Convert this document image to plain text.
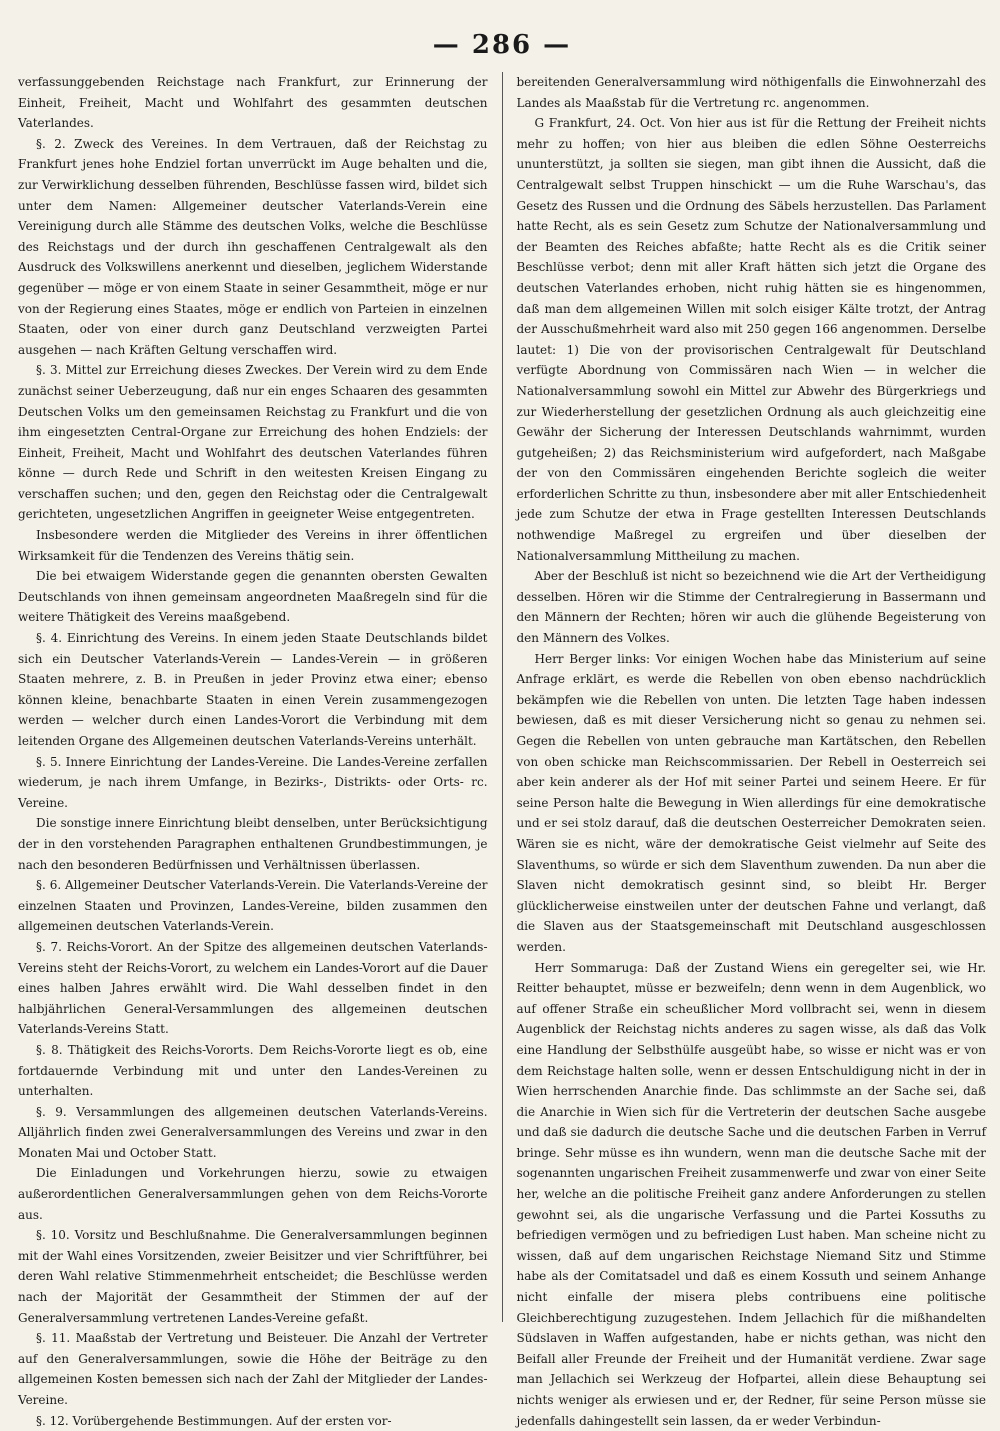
— 286 —

verfassunggebenden Reichstage nach Frankfurt, zur Erinnerung der Einheit, Freiheit, Macht und Wohlfahrt des gesammten deutschen Vaterlandes.

§. 2. Zweck des Vereines. In dem Vertrauen, daß der Reichstag zu Frankfurt jenes hohe Endziel fortan unverrückt im Auge behalten und die, zur Verwirklichung desselben führenden, Beschlüsse fassen wird, bildet sich unter dem Namen: Allgemeiner deutscher Vaterlands-Verein eine Vereinigung durch alle Stämme des deutschen Volks, welche die Beschlüsse des Reichstags und der durch ihn geschaffenen Centralgewalt als den Ausdruck des Volkswillens anerkennt und dieselben, jeglichem Widerstande gegenüber — möge er von einem Staate in seiner Gesammtheit, möge er nur von der Regierung eines Staates, möge er endlich von Parteien in einzelnen Staaten, oder von einer durch ganz Deutschland verzweigten Partei ausgehen — nach Kräften Geltung verschaffen wird.

§. 3. Mittel zur Erreichung dieses Zweckes. Der Verein wird zu dem Ende zunächst seiner Ueberzeugung, daß nur ein enges Schaaren des gesammten Deutschen Volks um den gemeinsamen Reichstag zu Frankfurt und die von ihm eingesetzten Central-Organe zur Erreichung des hohen Endziels: der Einheit, Freiheit, Macht und Wohlfahrt des deutschen Vaterlandes führen könne — durch Rede und Schrift in den weitesten Kreisen Eingang zu verschaffen suchen; und den, gegen den Reichstag oder die Centralgewalt gerichteten, ungesetzlichen Angriffen in geeigneter Weise entgegentreten.

Insbesondere werden die Mitglieder des Vereins in ihrer öffentlichen Wirksamkeit für die Tendenzen des Vereins thätig sein.

Die bei etwaigem Widerstande gegen die genannten obersten Gewalten Deutschlands von ihnen gemeinsam angeordneten Maaßregeln sind für die weitere Thätigkeit des Vereins maaßgebend.

§. 4. Einrichtung des Vereins. In einem jeden Staate Deutschlands bildet sich ein Deutscher Vaterlands-Verein — Landes-Verein — in größeren Staaten mehrere, z. B. in Preußen in jeder Provinz etwa einer; ebenso können kleine, benachbarte Staaten in einen Verein zusammengezogen werden — welcher durch einen Landes-Vorort die Verbindung mit dem leitenden Organe des Allgemeinen deutschen Vaterlands-Vereins unterhält.

§. 5. Innere Einrichtung der Landes-Vereine. Die Landes-Vereine zerfallen wiederum, je nach ihrem Umfange, in Bezirks-, Distrikts- oder Orts- rc. Vereine.

Die sonstige innere Einrichtung bleibt denselben, unter Berücksichtigung der in den vorstehenden Paragraphen enthaltenen Grundbestimmungen, je nach den besonderen Bedürfnissen und Verhältnissen überlassen.

§. 6. Allgemeiner Deutscher Vaterlands-Verein. Die Vaterlands-Vereine der einzelnen Staaten und Provinzen, Landes-Vereine, bilden zusammen den allgemeinen deutschen Vaterlands-Verein.

§. 7. Reichs-Vorort. An der Spitze des allgemeinen deutschen Vaterlands-Vereins steht der Reichs-Vorort, zu welchem ein Landes-Vorort auf die Dauer eines halben Jahres erwählt wird. Die Wahl desselben findet in den halbjährlichen General-Versammlungen des allgemeinen deutschen Vaterlands-Vereins Statt.

§. 8. Thätigkeit des Reichs-Vororts. Dem Reichs-Vororte liegt es ob, eine fortdauernde Verbindung mit und unter den Landes-Vereinen zu unterhalten.

§. 9. Versammlungen des allgemeinen deutschen Vaterlands-Vereins. Alljährlich finden zwei Generalversammlungen des Vereins und zwar in den Monaten Mai und October Statt.

Die Einladungen und Vorkehrungen hierzu, sowie zu etwaigen außerordentlichen Generalversammlungen gehen von dem Reichs-Vororte aus.

§. 10. Vorsitz und Beschlußnahme. Die Generalversammlungen beginnen mit der Wahl eines Vorsitzenden, zweier Beisitzer und vier Schriftführer, bei deren Wahl relative Stimmenmehrheit entscheidet; die Beschlüsse werden nach der Majorität der Gesammtheit der Stimmen der auf der Generalversammlung vertretenen Landes-Vereine gefaßt.

§. 11. Maaßstab der Vertretung und Beisteuer. Die Anzahl der Vertreter auf den Generalversammlungen, sowie die Höhe der Beiträge zu den allgemeinen Kosten bemessen sich nach der Zahl der Mitglieder der Landes-Vereine.

§. 12. Vorübergehende Bestimmungen. Auf der ersten vor-

bereitenden Generalversammlung wird nöthigenfalls die Einwohnerzahl des Landes als Maaßstab für die Vertretung rc. angenommen.

G Frankfurt, 24. Oct. Von hier aus ist für die Rettung der Freiheit nichts mehr zu hoffen; von hier aus bleiben die edlen Söhne Oesterreichs ununterstützt, ja sollten sie siegen, man gibt ihnen die Aussicht, daß die Centralgewalt selbst Truppen hinschickt — um die Ruhe Warschau's, das Gesetz des Russen und die Ordnung des Säbels herzustellen. Das Parlament hatte Recht, als es sein Gesetz zum Schutze der Nationalversammlung und der Beamten des Reiches abfaßte; hatte Recht als es die Critik seiner Beschlüsse verbot; denn mit aller Kraft hätten sich jetzt die Organe des deutschen Vaterlandes erhoben, nicht ruhig hätten sie es hingenommen, daß man dem allgemeinen Willen mit solch eisiger Kälte trotzt, der Antrag der Ausschußmehrheit ward also mit 250 gegen 166 angenommen. Derselbe lautet: 1) Die von der provisorischen Centralgewalt für Deutschland verfügte Abordnung von Commissären nach Wien — in welcher die Nationalversammlung sowohl ein Mittel zur Abwehr des Bürgerkriegs und zur Wiederherstellung der gesetzlichen Ordnung als auch gleichzeitig eine Gewähr der Sicherung der Interessen Deutschlands wahrnimmt, wurden gutgeheißen; 2) das Reichsministerium wird aufgefordert, nach Maßgabe der von den Commissären eingehenden Berichte sogleich die weiter erforderlichen Schritte zu thun, insbesondere aber mit aller Entschiedenheit jede zum Schutze der etwa in Frage gestellten Interessen Deutschlands nothwendige Maßregel zu ergreifen und über dieselben der Nationalversammlung Mittheilung zu machen.

Aber der Beschluß ist nicht so bezeichnend wie die Art der Vertheidigung desselben. Hören wir die Stimme der Centralregierung in Bassermann und den Männern der Rechten; hören wir auch die glühende Begeisterung von den Männern des Volkes.

Herr Berger links: Vor einigen Wochen habe das Ministerium auf seine Anfrage erklärt, es werde die Rebellen von oben ebenso nachdrücklich bekämpfen wie die Rebellen von unten. Die letzten Tage haben indessen bewiesen, daß es mit dieser Versicherung nicht so genau zu nehmen sei. Gegen die Rebellen von unten gebrauche man Kartätschen, den Rebellen von oben schicke man Reichscommissarien. Der Rebell in Oesterreich sei aber kein anderer als der Hof mit seiner Partei und seinem Heere. Er für seine Person halte die Bewegung in Wien allerdings für eine demokratische und er sei stolz darauf, daß die deutschen Oesterreicher Demokraten seien. Wären sie es nicht, wäre der demokratische Geist vielmehr auf Seite des Slaventhums, so würde er sich dem Slaventhum zuwenden. Da nun aber die Slaven nicht demokratisch gesinnt sind, so bleibt Hr. Berger glücklicherweise einstweilen unter der deutschen Fahne und verlangt, daß die Slaven aus der Staatsgemeinschaft mit Deutschland ausgeschlossen werden.

Herr Sommaruga: Daß der Zustand Wiens ein geregelter sei, wie Hr. Reitter behauptet, müsse er bezweifeln; denn wenn in dem Augenblick, wo auf offener Straße ein scheußlicher Mord vollbracht sei, wenn in diesem Augenblick der Reichstag nichts anderes zu sagen wisse, als daß das Volk eine Handlung der Selbsthülfe ausgeübt habe, so wisse er nicht was er von dem Reichstage halten solle, wenn er dessen Entschuldigung nicht in der in Wien herrschenden Anarchie finde. Das schlimmste an der Sache sei, daß die Anarchie in Wien sich für die Vertreterin der deutschen Sache ausgebe und daß sie dadurch die deutsche Sache und die deutschen Farben in Verruf bringe. Sehr müsse es ihn wundern, wenn man die deutsche Sache mit der sogenannten ungarischen Freiheit zusammenwerfe und zwar von einer Seite her, welche an die politische Freiheit ganz andere Anforderungen zu stellen gewohnt sei, als die ungarische Verfassung und die Partei Kossuths zu befriedigen vermögen und zu befriedigen Lust haben. Man scheine nicht zu wissen, daß auf dem ungarischen Reichstage Niemand Sitz und Stimme habe als der Comitatsadel und daß es einem Kossuth und seinem Anhange nicht einfalle der misera plebs contribuens eine politische Gleichberechtigung zuzugestehen. Indem Jellachich für die mißhandelten Südslaven in Waffen aufgestanden, habe er nichts gethan, was nicht den Beifall aller Freunde der Freiheit und der Humanität verdiene. Zwar sage man Jellachich sei Werkzeug der Hofpartei, allein diese Behauptung sei nichts weniger als erwiesen und er, der Redner, für seine Person müsse sie jedenfalls dahingestellt sein lassen, da er weder Verbindun-
